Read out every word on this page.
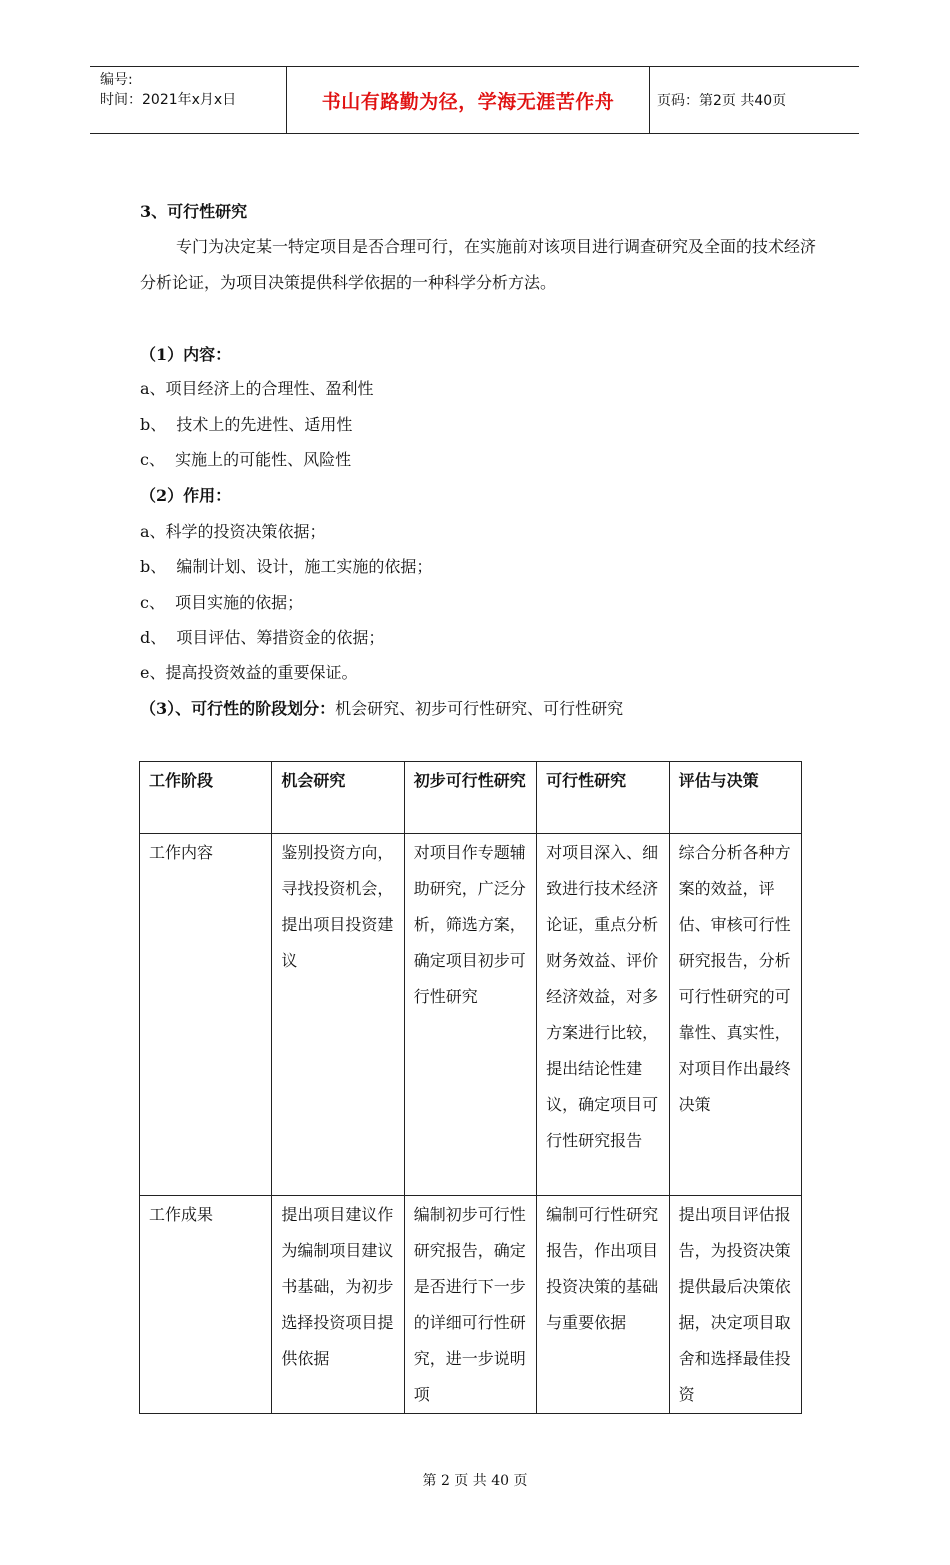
编号:
时间：2021年x月x日	书山有路勤为径，学海无涯苦作舟	页码：第2页 共40页
3、可行性研究
专门为决定某一特定项目是否合理可行，在实施前对该项目进行调查研究及全面的技术经济分析论证，为项目决策提供科学依据的一种科学分析方法。
（1）内容：
a、项目经济上的合理性、盈利性
b、  技术上的先进性、适用性
c、  实施上的可能性、风险性
（2）作用：
a、科学的投资决策依据；
b、  编制计划、设计，施工实施的依据；
c、  项目实施的依据；
d、  项目评估、筹措资金的依据；
e、提高投资效益的重要保证。
（3）、可行性的阶段划分：机会研究、初步可行性研究、可行性研究
工作阶段	机会研究	初步可行性研究	可行性研究	评估与决策
工作内容	鉴别投资方向，寻找投资机会，提出项目投资建议	对项目作专题辅助研究，广泛分析，筛选方案，确定项目初步可行性研究	对项目深入、细致进行技术经济论证，重点分析财务效益、评价经济效益，对多方案进行比较，提出结论性建议，确定项目可行性研究报告	综合分析各种方案的效益，评估、审核可行性研究报告，分析可行性研究的可靠性、真实性，对项目作出最终决策
工作成果	提出项目建议作为编制项目建议书基础，为初步选择投资项目提供依据	编制初步可行性研究报告，确定是否进行下一步的详细可行性研究，进一步说明项	编制可行性研究报告，作出项目投资决策的基础与重要依据	提出项目评估报告，为投资决策提供最后决策依据，决定项目取舍和选择最佳投资
第 2 页 共 40 页
